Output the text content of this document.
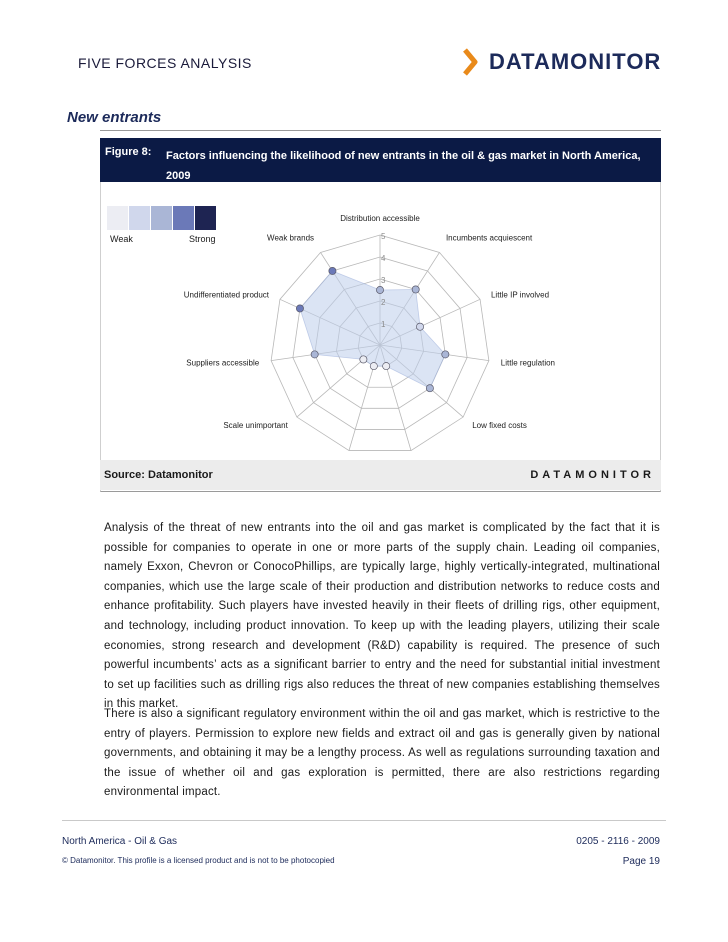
FIVE FORCES ANALYSIS	DATAMONITOR
New entrants
Figure 8: Factors influencing the likelihood of new entrants in the oil & gas market in North America, 2009
Weak	Strong
1
2
3
4
5
Distribution accessible
Incumbents acquiescent
Little IP involved
Little regulation
Low fixed costs
Scale unimportant
Suppliers accessible
Undifferentiated product
Weak brands
Source: Datamonitor	DATAMONITOR
Analysis of the threat of new entrants into the oil and gas market is complicated by the fact that it is possible for companies to operate in one or more parts of the supply chain. Leading oil companies, namely Exxon, Chevron or ConocoPhillips, are typically large, highly vertically-integrated, multinational companies, which use the large scale of their production and distribution networks to reduce costs and enhance profitability. Such players have invested heavily in their fleets of drilling rigs, other equipment, and technology, including product innovation. To keep up with the leading players, utilizing their scale economies, strong research and development (R&D) capability is required. The presence of such powerful incumbents’ acts as a significant barrier to entry and the need for substantial initial investment to set up facilities such as drilling rigs also reduces the threat of new companies establishing themselves in this market.
There is also a significant regulatory environment within the oil and gas market, which is restrictive to the entry of players. Permission to explore new fields and extract oil and gas is generally given by national governments, and obtaining it may be a lengthy process. As well as regulations surrounding taxation and the issue of whether oil and gas exploration is permitted, there are also restrictions regarding environmental impact.
North America - Oil & Gas	0205 - 2116 - 2009
© Datamonitor. This profile is a licensed product and is not to be photocopied	Page 19
